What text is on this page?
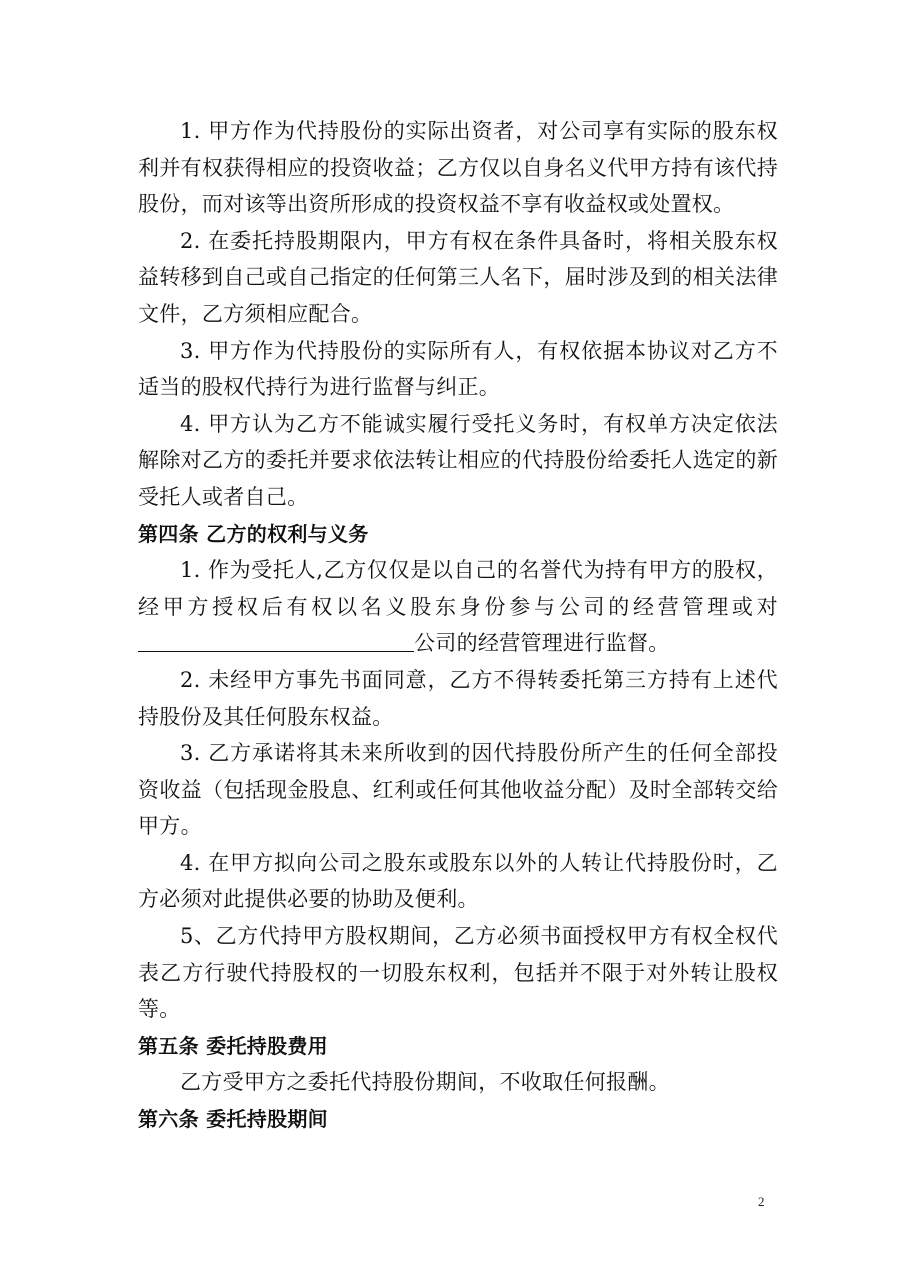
1. 甲方作为代持股份的实际出资者，对公司享有实际的股东权利并有权获得相应的投资收益；乙方仅以自身名义代甲方持有该代持股份，而对该等出资所形成的投资权益不享有收益权或处置权。

2. 在委托持股期限内，甲方有权在条件具备时，将相关股东权益转移到自己或自己指定的任何第三人名下，届时涉及到的相关法律文件，乙方须相应配合。

3. 甲方作为代持股份的实际所有人，有权依据本协议对乙方不适当的股权代持行为进行监督与纠正。

4. 甲方认为乙方不能诚实履行受托义务时，有权单方决定依法解除对乙方的委托并要求依法转让相应的代持股份给委托人选定的新受托人或者自己。

第四条 乙方的权利与义务

1. 作为受托人,乙方仅仅是以自己的名誉代为持有甲方的股权，经甲方授权后有权以名义股东身份参与公司的经营管理或对公司的经营管理进行监督。

2. 未经甲方事先书面同意，乙方不得转委托第三方持有上述代持股份及其任何股东权益。

3. 乙方承诺将其未来所收到的因代持股份所产生的任何全部投资收益（包括现金股息、红利或任何其他收益分配）及时全部转交给甲方。

4. 在甲方拟向公司之股东或股东以外的人转让代持股份时，乙方必须对此提供必要的协助及便利。

5、乙方代持甲方股权期间，乙方必须书面授权甲方有权全权代表乙方行驶代持股权的一切股东权利，包括并不限于对外转让股权等。

第五条 委托持股费用

乙方受甲方之委托代持股份期间，不收取任何报酬。

第六条 委托持股期间

2
